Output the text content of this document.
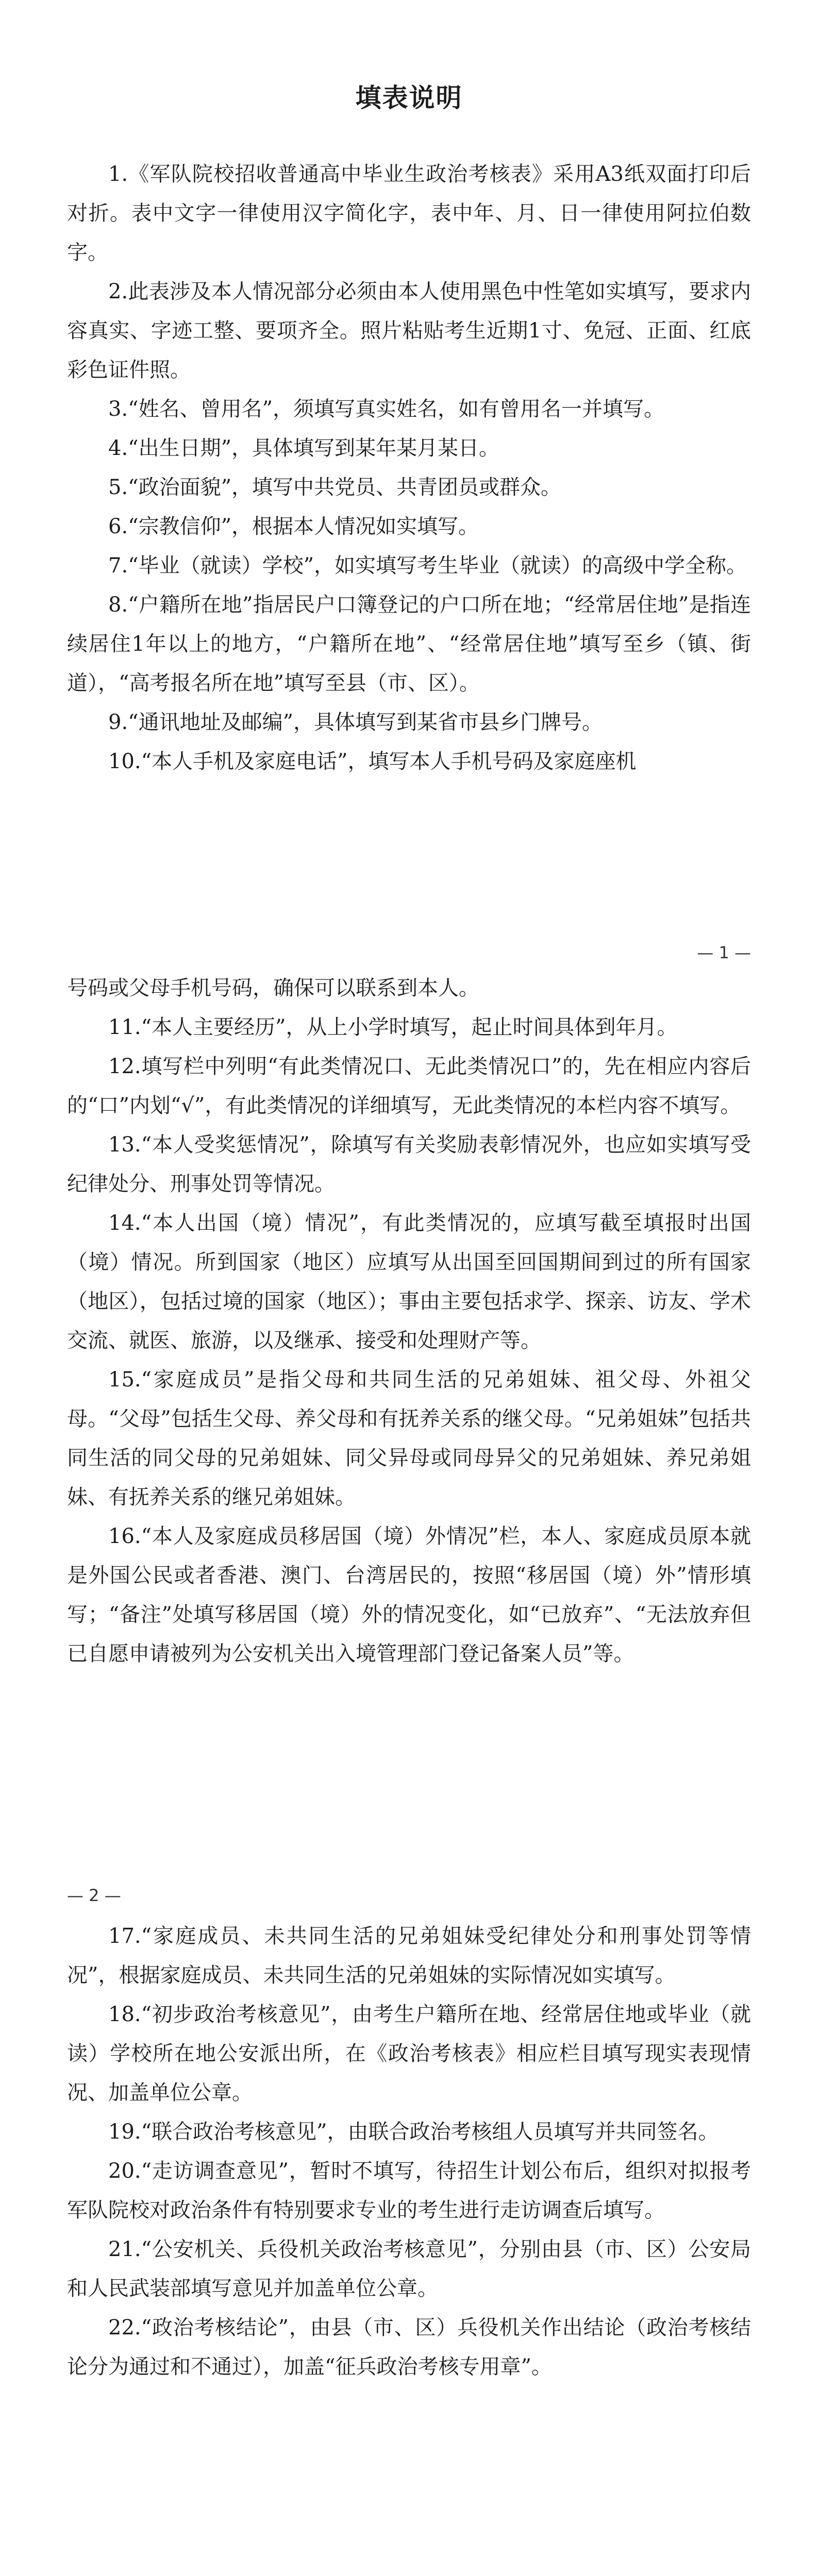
填表说明

1.《军队院校招收普通高中毕业生政治考核表》采用A3纸双面打印后对折。表中文字一律使用汉字简化字，表中年、月、日一律使用阿拉伯数字。

2.此表涉及本人情况部分必须由本人使用黑色中性笔如实填写，要求内容真实、字迹工整、要项齐全。照片粘贴考生近期1寸、免冠、正面、红底彩色证件照。

3.“姓名、曾用名”，须填写真实姓名，如有曾用名一并填写。

4.“出生日期”，具体填写到某年某月某日。

5.“政治面貌”，填写中共党员、共青团员或群众。

6.“宗教信仰”，根据本人情况如实填写。

7.“毕业（就读）学校”，如实填写考生毕业（就读）的高级中学全称。

8.“户籍所在地”指居民户口簿登记的户口所在地；“经常居住地”是指连续居住1年以上的地方，“户籍所在地”、“经常居住地”填写至乡（镇、街道），“高考报名所在地”填写至县（市、区）。

9.“通讯地址及邮编”，具体填写到某省市县乡门牌号。

10.“本人手机及家庭电话”，填写本人手机号码及家庭座机

— 1 —

号码或父母手机号码，确保可以联系到本人。

11.“本人主要经历”，从上小学时填写，起止时间具体到年月。

12.填写栏中列明“有此类情况口、无此类情况口”的，先在相应内容后的“口”内划“√”，有此类情况的详细填写，无此类情况的本栏内容不填写。

13.“本人受奖惩情况”，除填写有关奖励表彰情况外，也应如实填写受纪律处分、刑事处罚等情况。

14.“本人出国（境）情况”，有此类情况的，应填写截至填报时出国（境）情况。所到国家（地区）应填写从出国至回国期间到过的所有国家（地区），包括过境的国家（地区）；事由主要包括求学、探亲、访友、学术交流、就医、旅游，以及继承、接受和处理财产等。

15.“家庭成员”是指父母和共同生活的兄弟姐妹、祖父母、外祖父母。“父母”包括生父母、养父母和有抚养关系的继父母。“兄弟姐妹”包括共同生活的同父母的兄弟姐妹、同父异母或同母异父的兄弟姐妹、养兄弟姐妹、有抚养关系的继兄弟姐妹。

16.“本人及家庭成员移居国（境）外情况”栏，本人、家庭成员原本就是外国公民或者香港、澳门、台湾居民的，按照“移居国（境）外”情形填写；“备注”处填写移居国（境）外的情况变化，如“已放弃”、“无法放弃但已自愿申请被列为公安机关出入境管理部门登记备案人员”等。

— 2 —

17.“家庭成员、未共同生活的兄弟姐妹受纪律处分和刑事处罚等情况”，根据家庭成员、未共同生活的兄弟姐妹的实际情况如实填写。

18.“初步政治考核意见”，由考生户籍所在地、经常居住地或毕业（就读）学校所在地公安派出所，在《政治考核表》相应栏目填写现实表现情况、加盖单位公章。

19.“联合政治考核意见”，由联合政治考核组人员填写并共同签名。

20.“走访调查意见”，暂时不填写，待招生计划公布后，组织对拟报考军队院校对政治条件有特别要求专业的考生进行走访调查后填写。

21.“公安机关、兵役机关政治考核意见”，分别由县（市、区）公安局和人民武装部填写意见并加盖单位公章。

22.“政治考核结论”，由县（市、区）兵役机关作出结论（政治考核结论分为通过和不通过），加盖“征兵政治考核专用章”。
